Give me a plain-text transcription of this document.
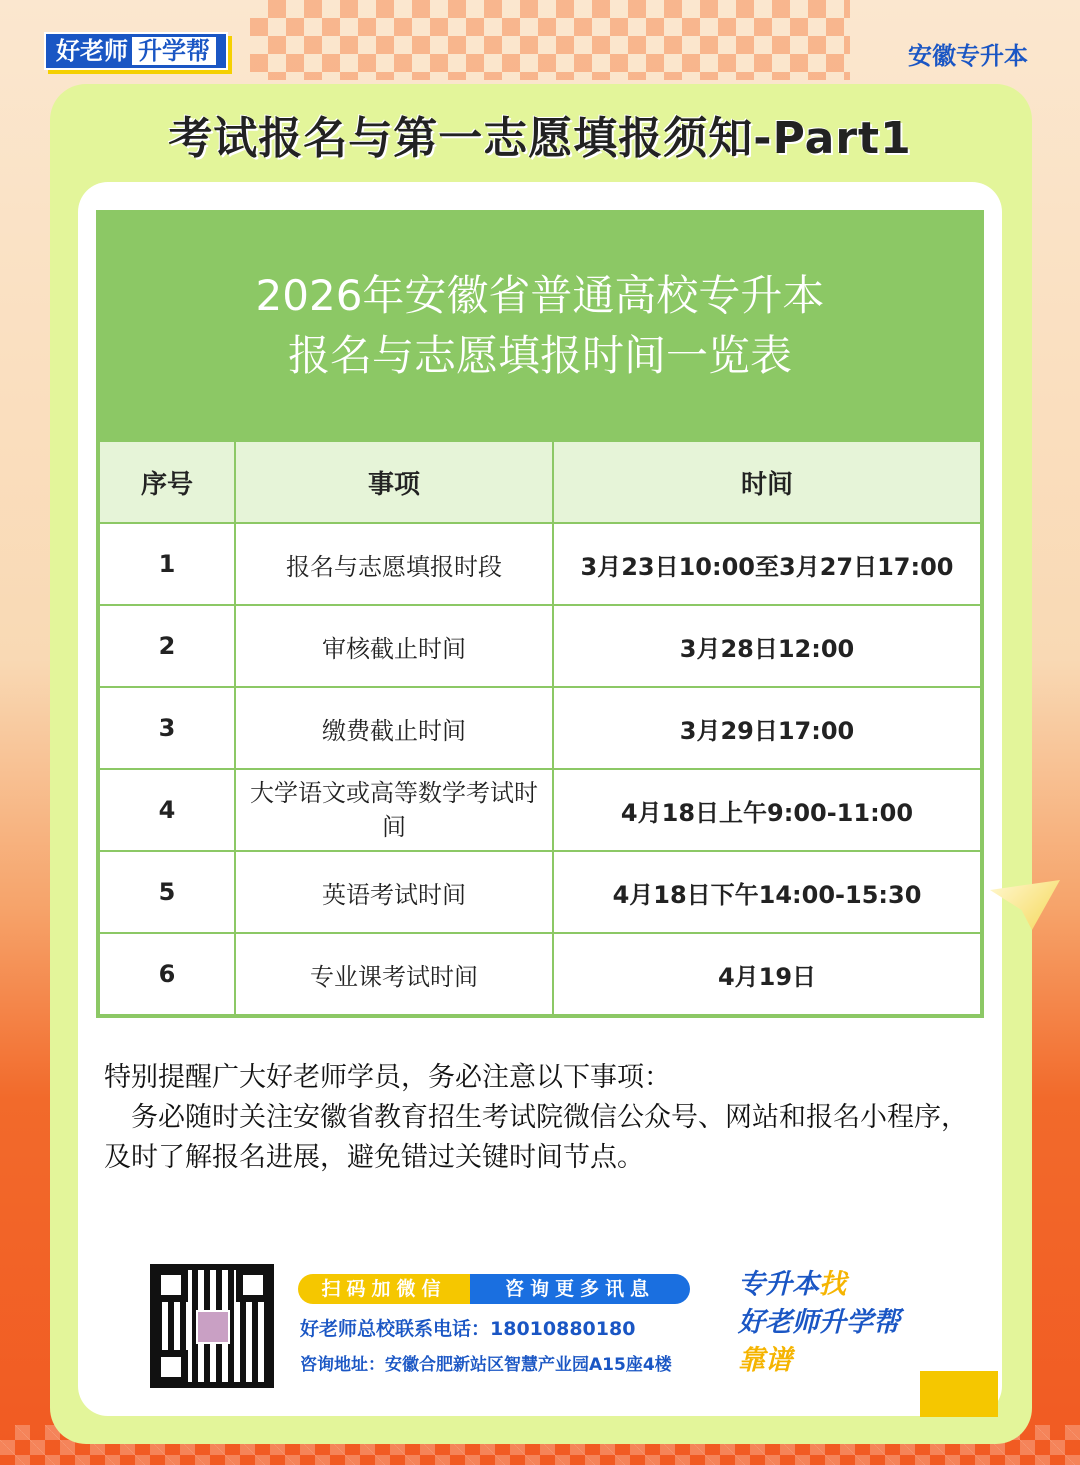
好老师 升学帮	安徽专升本
考试报名与第一志愿填报须知-Part1
2026年安徽省普通高校专升本
报名与志愿填报时间一览表
序号	事项	时间
1	报名与志愿填报时段	3月23日10:00至3月27日17:00
2	审核截止时间	3月28日12:00
3	缴费截止时间	3月29日17:00
4	大学语文或高等数学考试时间	4月18日上午9:00-11:00
5	英语考试时间	4月18日下午14:00-15:30
6	专业课考试时间	4月19日
特别提醒广大好老师学员，务必注意以下事项：
务必随时关注安徽省教育招生考试院微信公众号、网站和报名小程序，及时了解报名进展，避免错过关键时间节点。
扫码加微信	咨询更多讯息
好老师总校联系电话：18010880180
咨询地址：安徽合肥新站区智慧产业园A15座4楼
专升本找
好老师升学帮
靠谱
